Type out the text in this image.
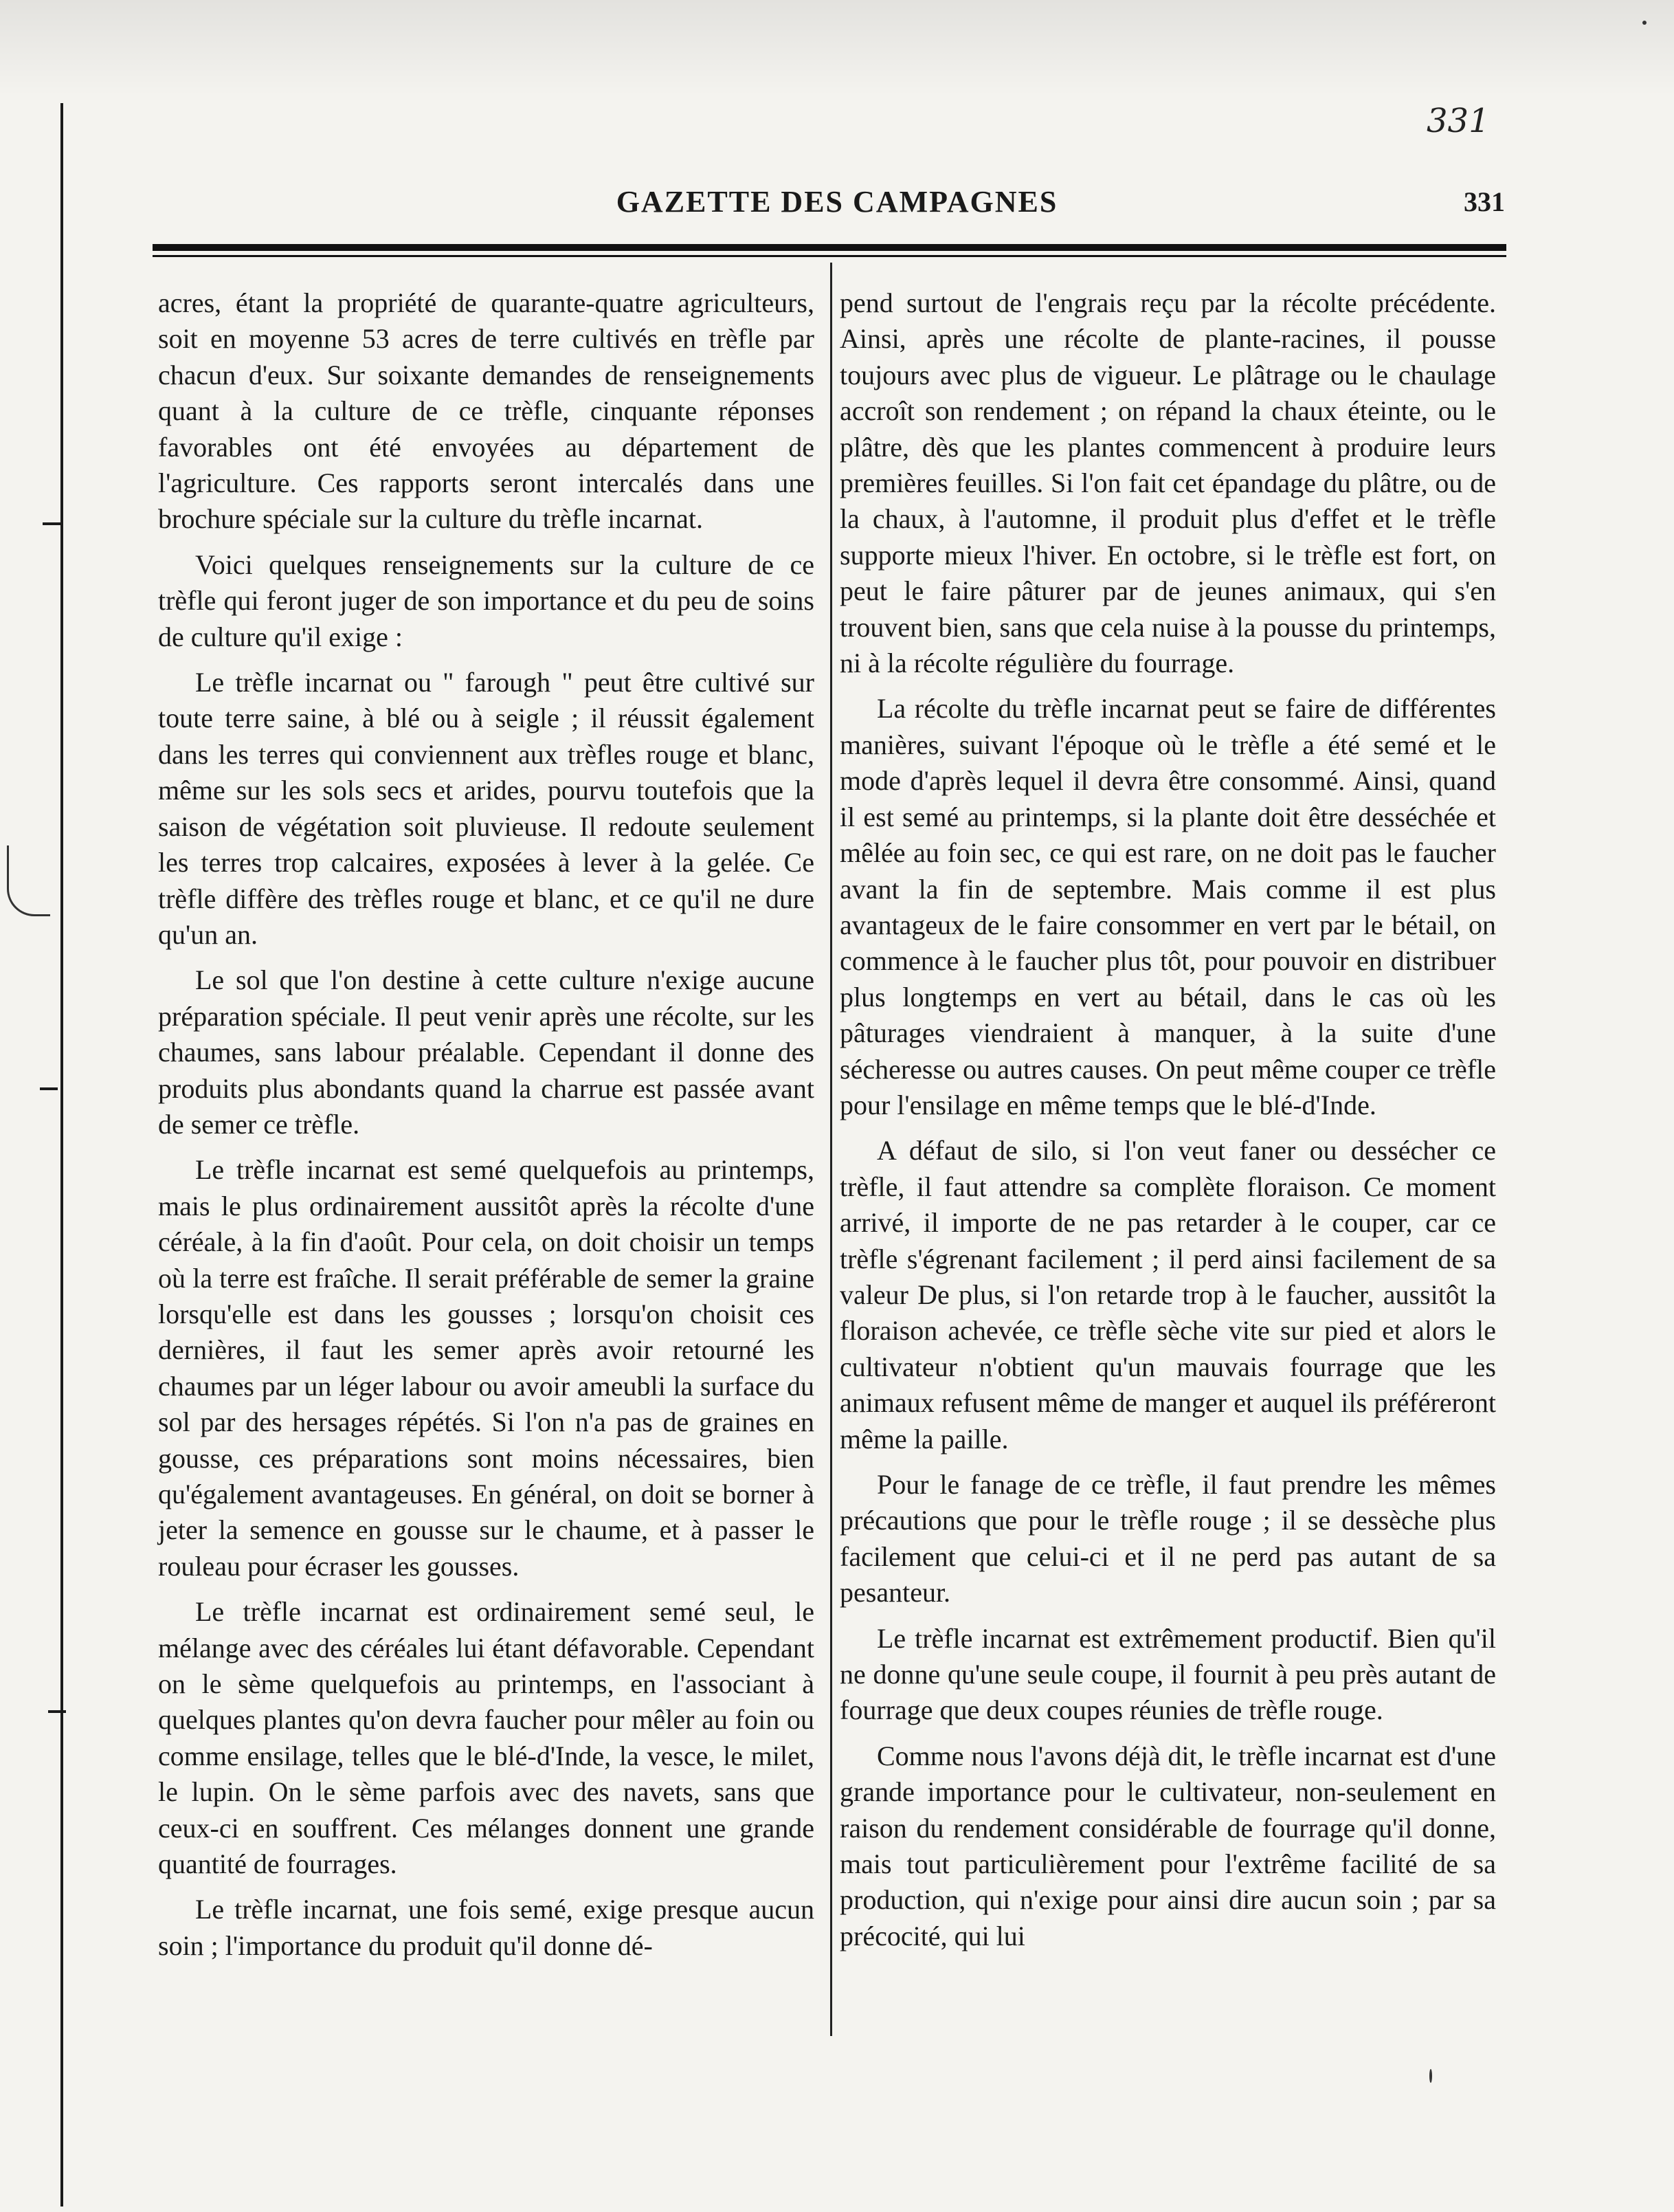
331
GAZETTE DES CAMPAGNES	331

acres, étant la propriété de quarante-quatre agriculteurs, soit en moyenne 53 acres de terre cultivés en trèfle par chacun d'eux. Sur soixante demandes de renseignements quant à la culture de ce trèfle, cinquante réponses favorables ont été envoyées au département de l'agriculture. Ces rapports seront intercalés dans une brochure spéciale sur la culture du trèfle incarnat.

Voici quelques renseignements sur la culture de ce trèfle qui feront juger de son importance et du peu de soins de culture qu'il exige :

Le trèfle incarnat ou " farough " peut être cultivé sur toute terre saine, à blé ou à seigle ; il réussit également dans les terres qui conviennent aux trèfles rouge et blanc, même sur les sols secs et arides, pourvu toutefois que la saison de végétation soit pluvieuse. Il redoute seulement les terres trop calcaires, exposées à lever à la gelée. Ce trèfle diffère des trèfles rouge et blanc, et ce qu'il ne dure qu'un an.

Le sol que l'on destine à cette culture n'exige aucune préparation spéciale. Il peut venir après une récolte, sur les chaumes, sans labour préalable. Cependant il donne des produits plus abondants quand la charrue est passée avant de semer ce trèfle.

Le trèfle incarnat est semé quelquefois au printemps, mais le plus ordinairement aussitôt après la récolte d'une céréale, à la fin d'août. Pour cela, on doit choisir un temps où la terre est fraîche. Il serait préférable de semer la graine lorsqu'elle est dans les gousses ; lorsqu'on choisit ces dernières, il faut les semer après avoir retourné les chaumes par un léger labour ou avoir ameubli la surface du sol par des hersages répétés. Si l'on n'a pas de graines en gousse, ces préparations sont moins nécessaires, bien qu'également avantageuses. En général, on doit se borner à jeter la semence en gousse sur le chaume, et à passer le rouleau pour écraser les gousses.

Le trèfle incarnat est ordinairement semé seul, le mélange avec des céréales lui étant défavorable. Cependant on le sème quelquefois au printemps, en l'associant à quelques plantes qu'on devra faucher pour mêler au foin ou comme ensilage, telles que le blé-d'Inde, la vesce, le milet, le lupin. On le sème parfois avec des navets, sans que ceux-ci en souffrent. Ces mélanges donnent une grande quantité de fourrages.

Le trèfle incarnat, une fois semé, exige presque aucun soin ; l'importance du produit qu'il donne dé-

pend surtout de l'engrais reçu par la récolte précédente. Ainsi, après une récolte de plante-racines, il pousse toujours avec plus de vigueur. Le plâtrage ou le chaulage accroît son rendement ; on répand la chaux éteinte, ou le plâtre, dès que les plantes commencent à produire leurs premières feuilles. Si l'on fait cet épandage du plâtre, ou de la chaux, à l'automne, il produit plus d'effet et le trèfle supporte mieux l'hiver. En octobre, si le trèfle est fort, on peut le faire pâturer par de jeunes animaux, qui s'en trouvent bien, sans que cela nuise à la pousse du printemps, ni à la récolte régulière du fourrage.

La récolte du trèfle incarnat peut se faire de différentes manières, suivant l'époque où le trèfle a été semé et le mode d'après lequel il devra être consommé. Ainsi, quand il est semé au printemps, si la plante doit être desséchée et mêlée au foin sec, ce qui est rare, on ne doit pas le faucher avant la fin de septembre. Mais comme il est plus avantageux de le faire consommer en vert par le bétail, on commence à le faucher plus tôt, pour pouvoir en distribuer plus longtemps en vert au bétail, dans le cas où les pâturages viendraient à manquer, à la suite d'une sécheresse ou autres causes. On peut même couper ce trèfle pour l'ensilage en même temps que le blé-d'Inde.

A défaut de silo, si l'on veut faner ou dessécher ce trèfle, il faut attendre sa complète floraison. Ce moment arrivé, il importe de ne pas retarder à le couper, car ce trèfle s'égrenant facilement ; il perd ainsi facilement de sa valeur De plus, si l'on retarde trop à le faucher, aussitôt la floraison achevée, ce trèfle sèche vite sur pied et alors le cultivateur n'obtient qu'un mauvais fourrage que les animaux refusent même de manger et auquel ils préféreront même la paille.

Pour le fanage de ce trèfle, il faut prendre les mêmes précautions que pour le trèfle rouge ; il se dessèche plus facilement que celui-ci et il ne perd pas autant de sa pesanteur.

Le trèfle incarnat est extrêmement productif. Bien qu'il ne donne qu'une seule coupe, il fournit à peu près autant de fourrage que deux coupes réunies de trèfle rouge.

Comme nous l'avons déjà dit, le trèfle incarnat est d'une grande importance pour le cultivateur, non-seulement en raison du rendement considérable de fourrage qu'il donne, mais tout particulièrement pour l'extrême facilité de sa production, qui n'exige pour ainsi dire aucun soin ; par sa précocité, qui lui
